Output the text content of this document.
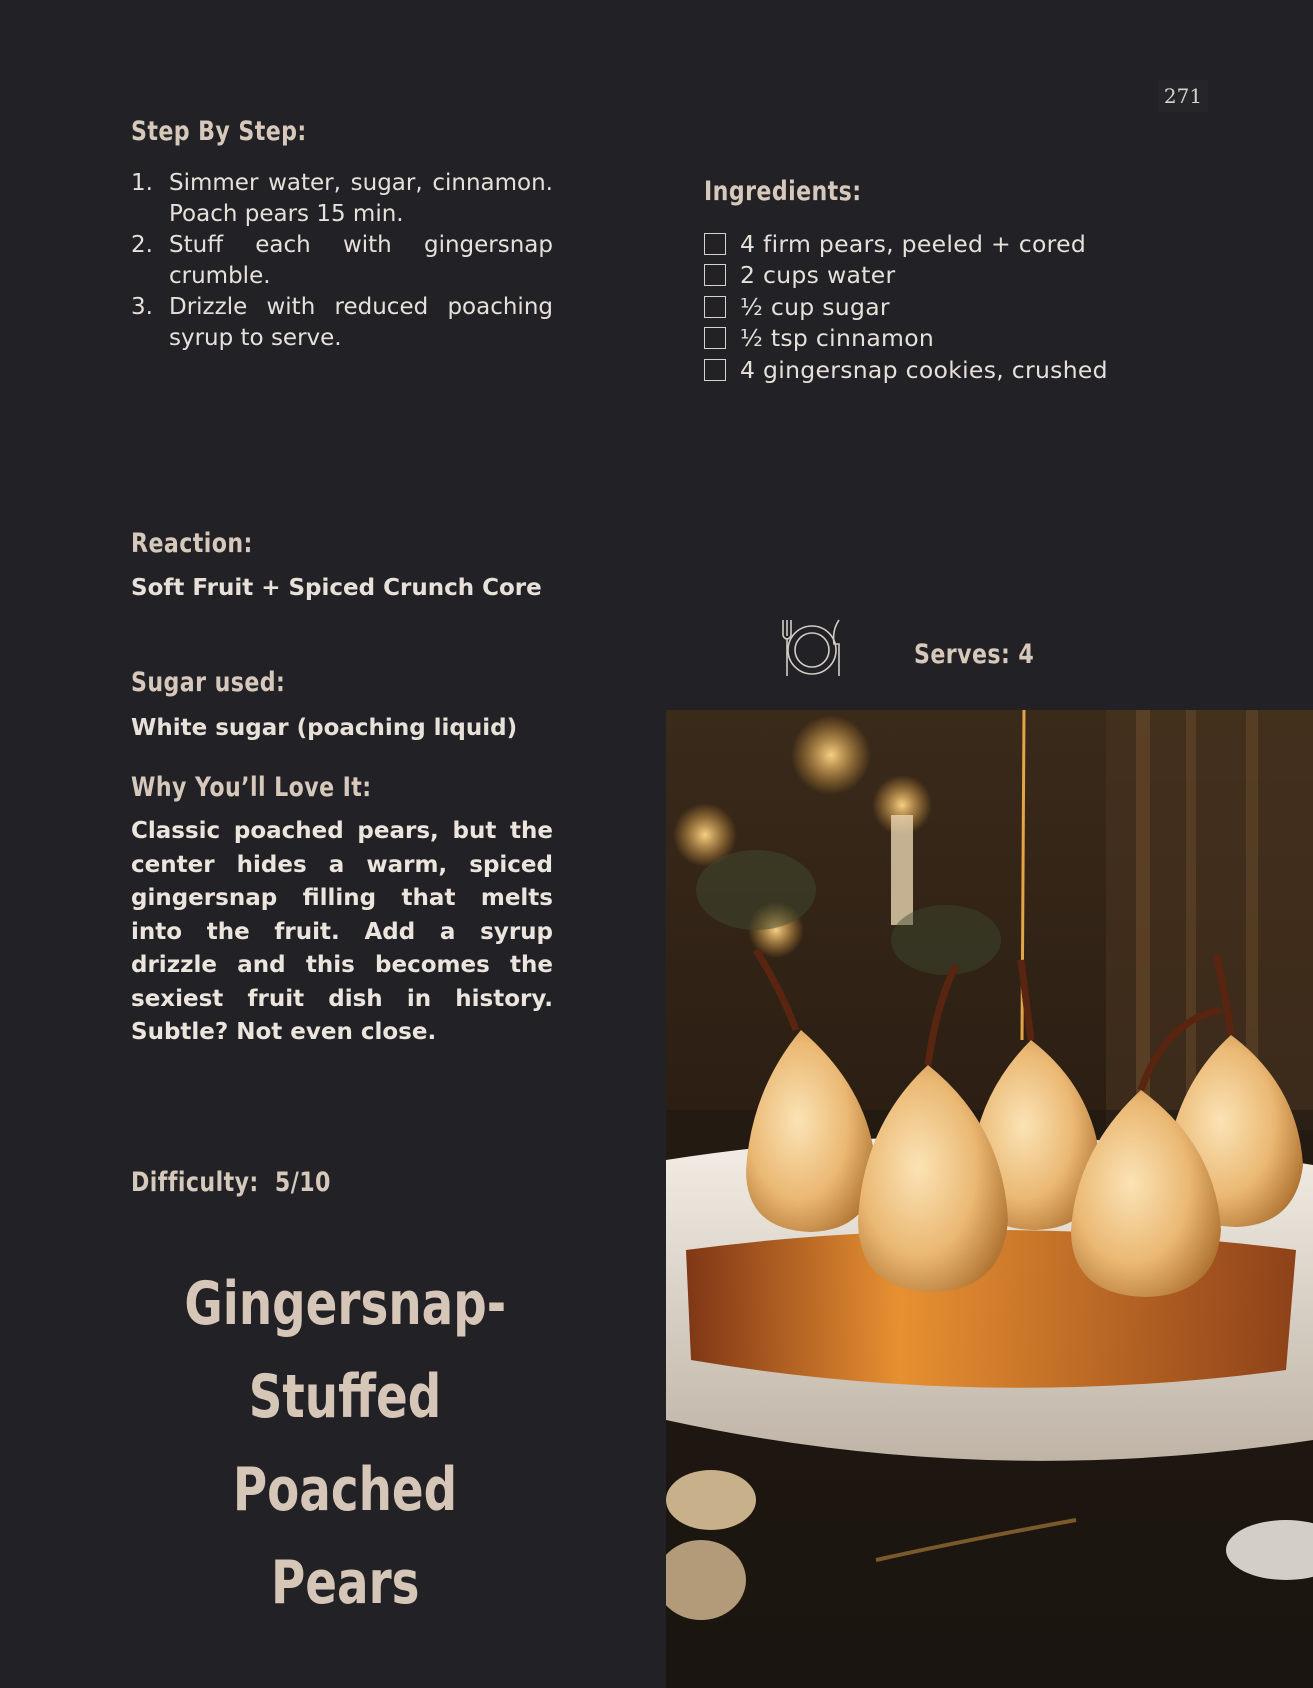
271
Step By Step:
1. Simmer water, sugar, cinnamon. Poach pears 15 min.
2. Stuff each with gingersnap crumble.
3. Drizzle with reduced poaching syrup to serve.
Ingredients:
4 firm pears, peeled + cored
2 cups water
½ cup sugar
½ tsp cinnamon
4 gingersnap cookies, crushed
Reaction:
Soft Fruit + Spiced Crunch Core
Serves: 4
Sugar used:
White sugar (poaching liquid)
Why You’ll Love It:
Classic poached pears, but the center hides a warm, spiced gingersnap filling that melts into the fruit. Add a syrup drizzle and this becomes the sexiest fruit dish in history. Subtle? Not even close.
Difficulty: 5/10
Gingersnap-
Stuffed Poached
Pears
